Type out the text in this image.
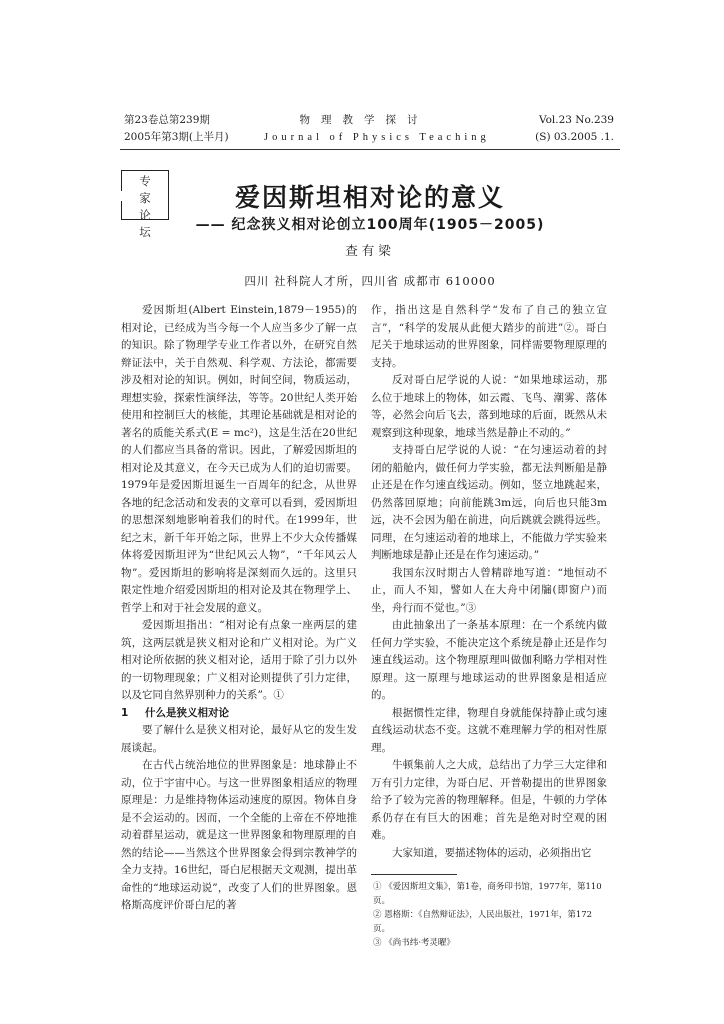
第23卷总第239期
2005年第3期(上半月)
物理教学探讨
Journal of Physics Teaching
Vol.23 No.239
(S) 03.2005 .1.
专家
论坛
爱因斯坦相对论的意义
—— 纪念狭义相对论创立100周年(1905－2005)
查有梁
四川 社科院人才所，四川省 成都市 610000

爱因斯坦(Albert Einstein,1879－1955)的相对论，已经成为当今每一个人应当多少了解一点的知识。除了物理学专业工作者以外，在研究自然辩证法中，关于自然观、科学观、方法论，都需要涉及相对论的知识。例如，时间空间，物质运动，理想实验，探索性演绎法，等等。20世纪人类开始使用和控制巨大的核能，其理论基础就是相对论的著名的质能关系式(E = mc²)，这是生活在20世纪的人们都应当具备的常识。因此，了解爱因斯坦的相对论及其意义，在今天已成为人们的迫切需要。1979年是爱因斯坦诞生一百周年的纪念，从世界各地的纪念活动和发表的文章可以看到，爱因斯坦的思想深刻地影响着我们的时代。在1999年，世纪之末，新千年开始之际，世界上不少大众传播媒体将爱因斯坦评为“世纪风云人物”，“千年风云人物”。爱因斯坦的影响将是深刻而久远的。这里只限定性地介绍爱因斯坦的相对论及其在物理学上、哲学上和对于社会发展的意义。

爱因斯坦指出：“相对论有点象一座两层的建筑，这两层就是狭义相对论和广义相对论。为广义相对论所依据的狭义相对论，适用于除了引力以外的一切物理现象；广义相对论则提供了引力定律，以及它同自然界别种力的关系”。①

1 什么是狭义相对论

要了解什么是狭义相对论，最好从它的发生发展谈起。

在古代占统治地位的世界图象是：地球静止不动，位于宇宙中心。与这一世界图象相适应的物理原理是：力是维持物体运动速度的原因。物体自身是不会运动的。因而，一个全能的上帝在不停地推动着群星运动，就是这一世界图象和物理原理的自然的结论——当然这个世界图象会得到宗教神学的全力支持。16世纪，哥白尼根据天文观测，提出革命性的“地球运动说”，改变了人们的世界图象。恩格斯高度评价哥白尼的著

作，指出这是自然科学“发布了自己的独立宣言”，“科学的发展从此便大踏步的前进”②。哥白尼关于地球运动的世界图象，同样需要物理原理的支持。

反对哥白尼学说的人说：“如果地球运动，那么位于地球上的物体，如云霞、飞鸟、潮雾、落体等，必然会向后飞去，落到地球的后面，既然从未观察到这种现象，地球当然是静止不动的。”

支持哥白尼学说的人说：“在匀速运动着的封闭的船舱内，做任何力学实验，都无法判断船是静止还是在作匀速直线运动。例如，竖立地跳起来，仍然落回原地；向前能跳3m远，向后也只能3m远，决不会因为船在前进，向后跳就会跳得远些。同理，在匀速运动着的地球上，不能做力学实验来判断地球是静止还是在作匀速运动。”

我国东汉时期古人曾精辟地写道：“地恒动不止，而人不知，譬如人在大舟中闭牖(即窗户)而坐，舟行而不觉也。”③

由此抽象出了一条基本原理：在一个系统内做任何力学实验，不能决定这个系统是静止还是作匀速直线运动。这个物理原理叫做伽利略力学相对性原理。这一原理与地球运动的世界图象是相适应的。

根据惯性定律，物理自身就能保持静止或匀速直线运动状态不变。这就不难理解力学的相对性原理。

牛顿集前人之大成，总结出了力学三大定律和万有引力定律，为哥白尼、开普勒提出的世界图象给予了较为完善的物理解释。但是，牛顿的力学体系仍存在有巨大的困难；首先是绝对时空观的困难。

大家知道，要描述物体的运动，必须指出它

① 《爱因斯坦文集》，第1卷，商务印书馆，1977年，第110页。

② 恩格斯：《自然辩证法》，人民出版社，1971年，第172页。

③ 《尚书纬·考灵曜》
